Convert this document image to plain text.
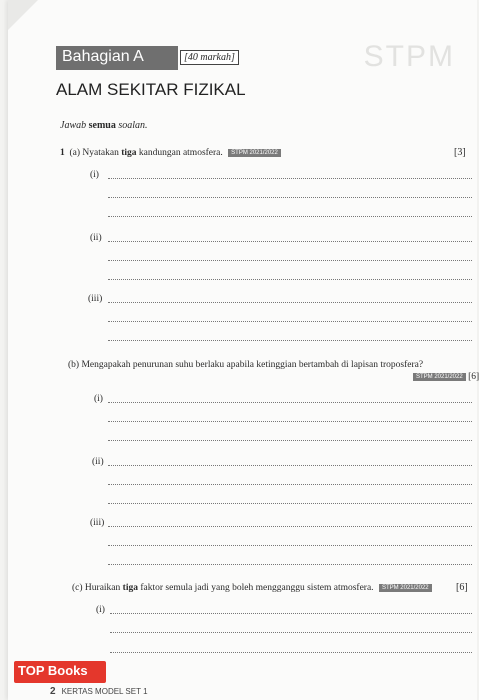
STPM
Bahagian A	[40 markah]
ALAM SEKITAR FIZIKAL
Jawab semua soalan.
1 (a) Nyatakan tiga kandungan atmosfera. STPM 2021/2022	[3]
(i)
(ii)
(iii)
(b) Mengapakah penurunan suhu berlaku apabila ketinggian bertambah di lapisan troposfera?
STPM 2021/2022 [6]
(i)
(ii)
(iii)
(c) Huraikan tiga faktor semula jadi yang boleh mengganggu sistem atmosfera. STPM 2021/2022	[6]
(i)
TOP Books
2 KERTAS MODEL SET 1
